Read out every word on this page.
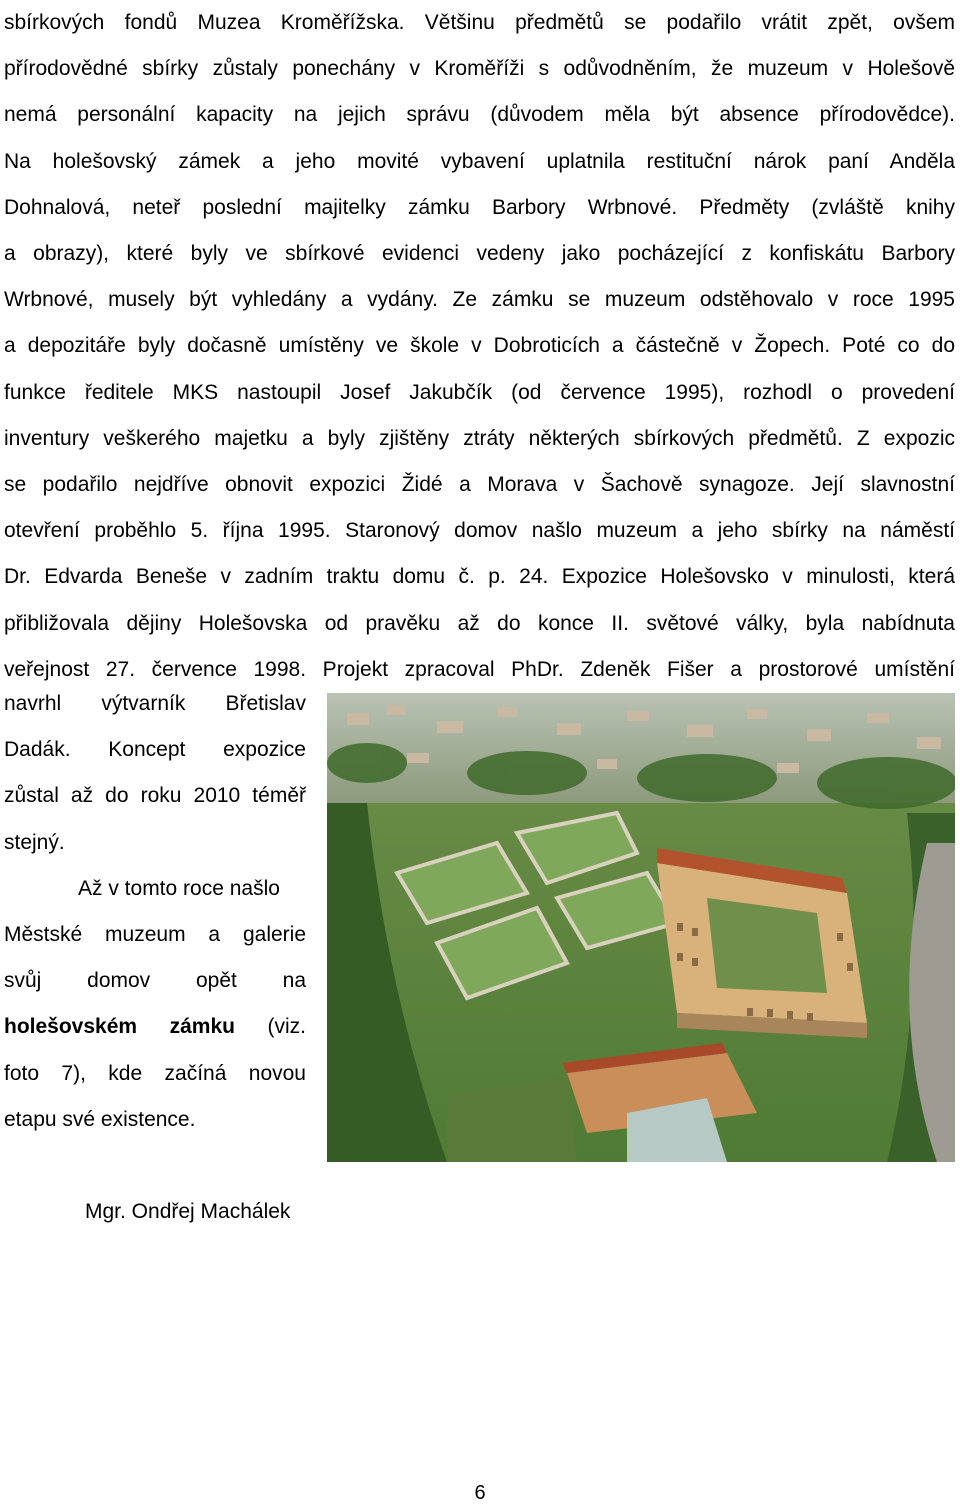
sbírkových fondů Muzea Kroměřížska. Většinu předmětů se podařilo vrátit zpět, ovšem
přírodovědné sbírky zůstaly ponechány v Kroměříži s odůvodněním, že muzeum v Holešově
nemá personální kapacity na jejich správu (důvodem měla být absence přírodovědce).
Na holešovský zámek a jeho movité vybavení uplatnila restituční nárok paní Anděla
Dohnalová, neteř poslední majitelky zámku Barbory Wrbnové. Předměty (zvláště knihy
a obrazy), které byly ve sbírkové evidenci vedeny jako pocházející z konfiskátu Barbory
Wrbnové, musely být vyhledány a vydány. Ze zámku se muzeum odstěhovalo v roce 1995
a depozitáře byly dočasně umístěny ve škole v Dobroticích a částečně v Žopech. Poté co do
funkce ředitele MKS nastoupil Josef Jakubčík (od července 1995), rozhodl o provedení
inventury veškerého majetku a byly zjištěny ztráty některých sbírkových předmětů. Z expozic
se podařilo nejdříve obnovit expozici Židé a Morava v Šachově synagoze. Její slavnostní
otevření proběhlo 5. října 1995. Staronový domov našlo muzeum a jeho sbírky na náměstí
Dr. Edvarda Beneše v zadním traktu domu č. p. 24. Expozice Holešovsko v minulosti, která
přibližovala dějiny Holešovska od pravěku až do konce II. světové války, byla nabídnuta
veřejnost 27. července 1998. Projekt zpracoval PhDr. Zdeněk Fišer a prostorové umístění
navrhl výtvarník Břetislav
Dadák. Koncept expozice
zůstal až do roku 2010 téměř
stejný.
Až v tomto roce našlo
Městské muzeum a galerie
svůj domov opět na
holešovském zámku (viz.
foto 7), kde začíná novou
etapu své existence.

Mgr. Ondřej Machálek

6
